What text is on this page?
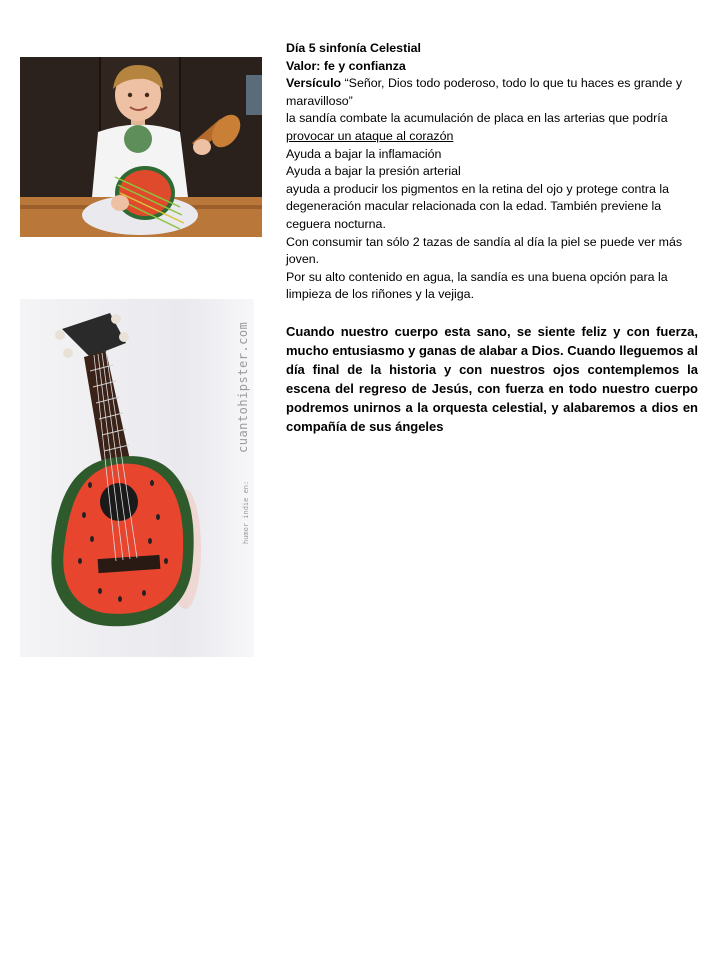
cuantohipster.com
humor indie en:

Día 5 sinfonía Celestial

Valor: fe y confianza

Versículo “Señor, Dios todo poderoso, todo lo que tu haces es grande y maravilloso”

la sandía combate la acumulación de placa en las arterias que podría provocar un ataque al corazón

Ayuda a bajar la inflamación

Ayuda a bajar la presión arterial

ayuda a producir los pigmentos en la retina del ojo y protege contra la degeneración macular relacionada con la edad. También previene la ceguera nocturna.

Con consumir tan sólo 2 tazas de sandía al día la piel se puede ver más joven.

Por su alto contenido en agua, la sandía es una buena opción para la limpieza de los riñones y la vejiga.

Cuando nuestro cuerpo esta sano, se siente feliz y con fuerza, mucho entusiasmo y ganas de alabar a Dios. Cuando lleguemos al día final de la historia y con nuestros ojos contemplemos la escena del regreso de Jesús, con fuerza en todo nuestro cuerpo podremos unirnos a la orquesta celestial, y alabaremos a dios en compañía de sus ángeles
